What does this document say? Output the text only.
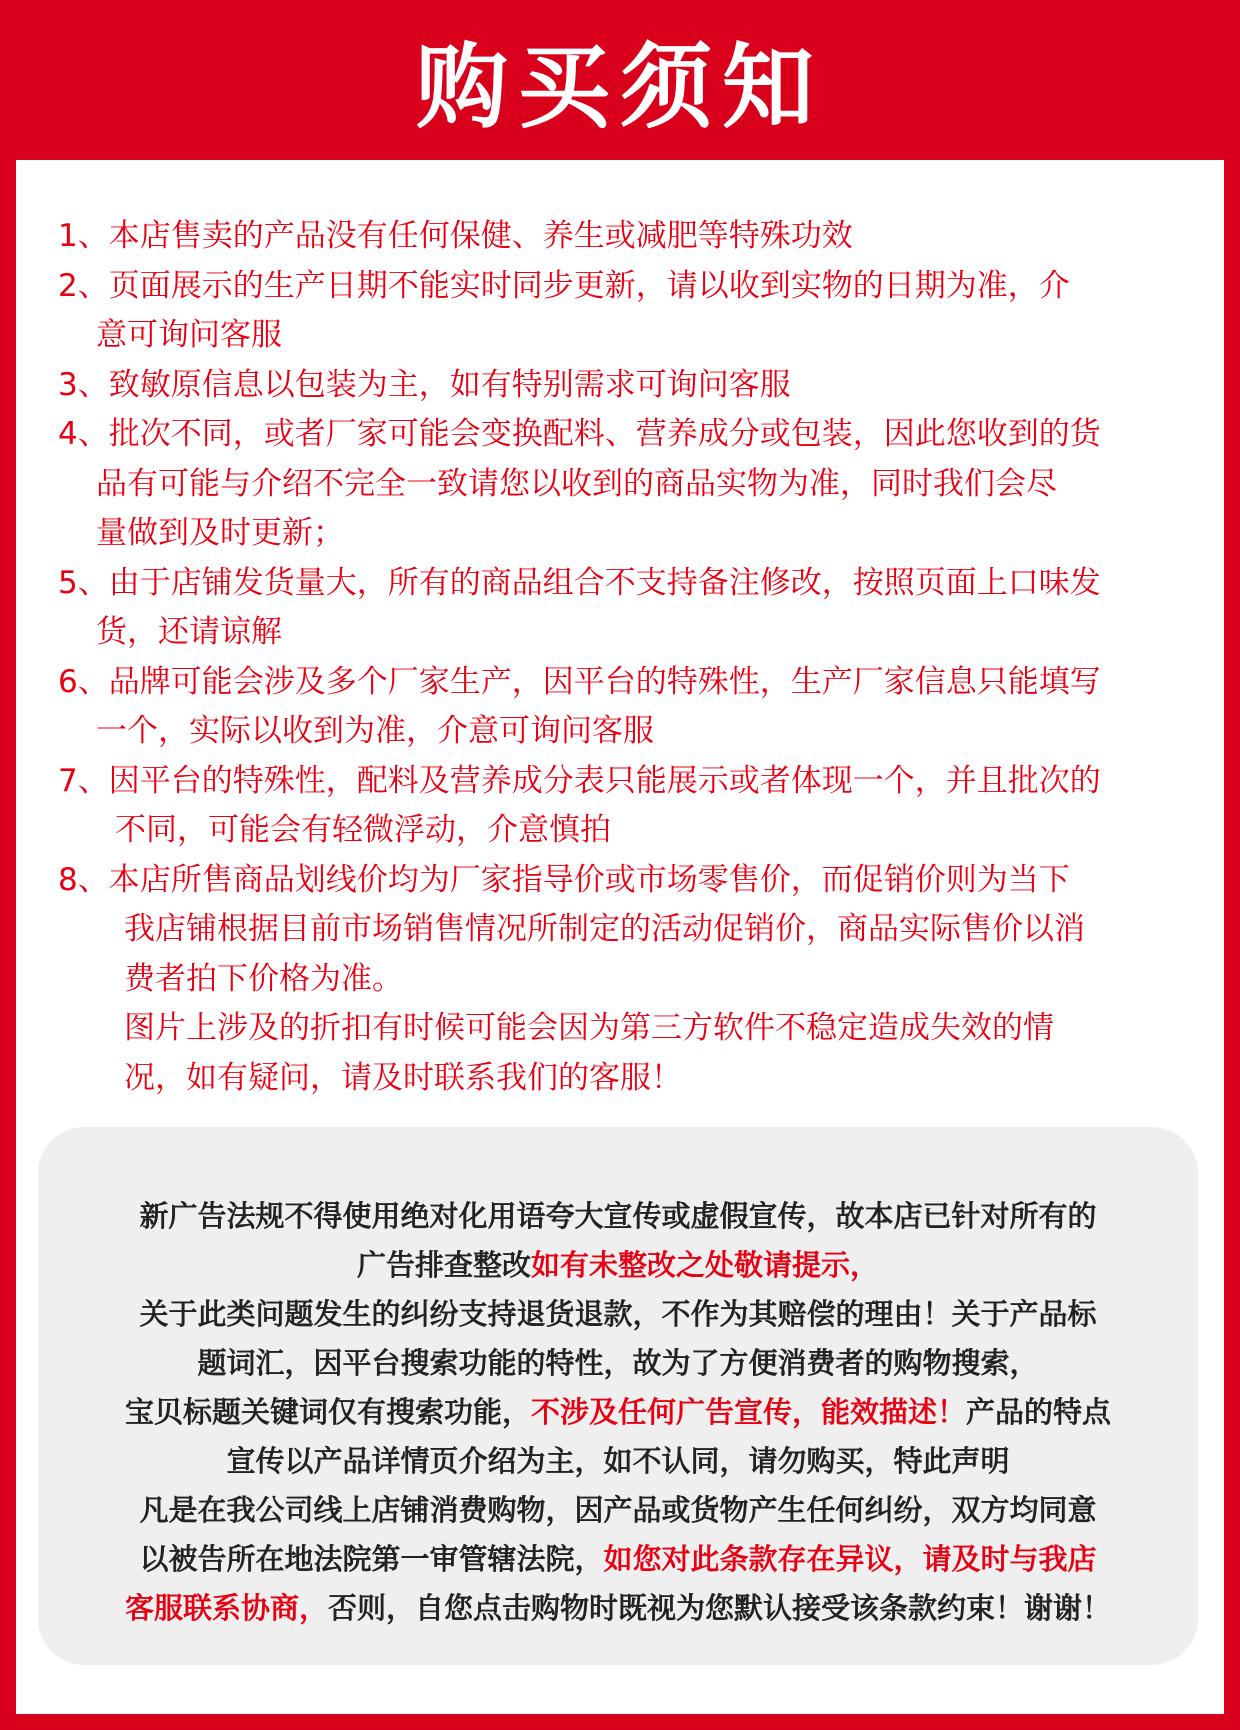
购买须知
1、本店售卖的产品没有任何保健、养生或减肥等特殊功效
2、页面展示的生产日期不能实时同步更新，请以收到实物的日期为准，介
意可询问客服
3、致敏原信息以包装为主，如有特别需求可询问客服
4、批次不同，或者厂家可能会变换配料、营养成分或包装，因此您收到的货
品有可能与介绍不完全一致请您以收到的商品实物为准，同时我们会尽
量做到及时更新；
5、由于店铺发货量大，所有的商品组合不支持备注修改，按照页面上口味发
货，还请谅解
6、品牌可能会涉及多个厂家生产，因平台的特殊性，生产厂家信息只能填写
一个，实际以收到为准，介意可询问客服
7、因平台的特殊性，配料及营养成分表只能展示或者体现一个，并且批次的
不同，可能会有轻微浮动，介意慎拍
8、本店所售商品划线价均为厂家指导价或市场零售价，而促销价则为当下
我店铺根据目前市场销售情况所制定的活动促销价，商品实际售价以消
费者拍下价格为准。
图片上涉及的折扣有时候可能会因为第三方软件不稳定造成失效的情
况，如有疑问，请及时联系我们的客服！
新广告法规不得使用绝对化用语夸大宣传或虚假宣传，故本店已针对所有的
广告排查整改如有未整改之处敬请提示，
关于此类问题发生的纠纷支持退货退款，不作为其赔偿的理由！关于产品标
题词汇，因平台搜索功能的特性，故为了方便消费者的购物搜索，
宝贝标题关键词仅有搜索功能，不涉及任何广告宣传，能效描述！产品的特点
宣传以产品详情页介绍为主，如不认同，请勿购买，特此声明
凡是在我公司线上店铺消费购物，因产品或货物产生任何纠纷，双方均同意
以被告所在地法院第一审管辖法院，如您对此条款存在异议，请及时与我店
客服联系协商，否则，自您点击购物时既视为您默认接受该条款约束！谢谢！
